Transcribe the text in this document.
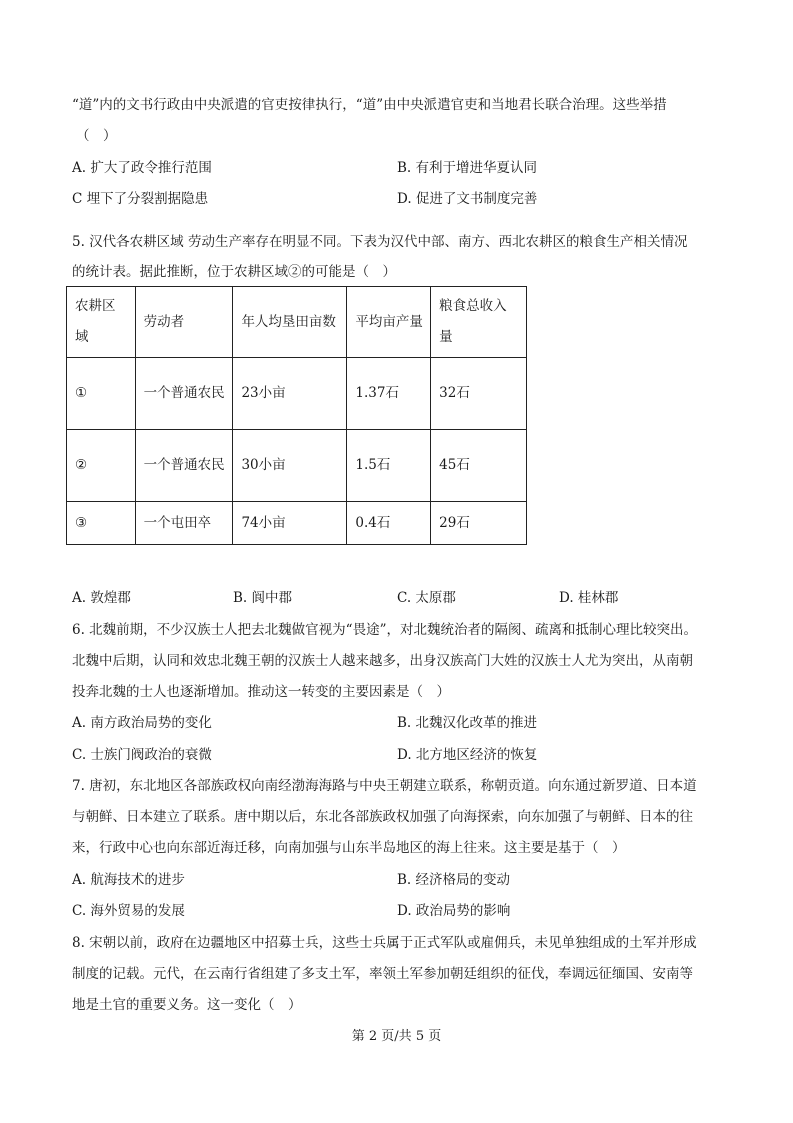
“道”内的文书行政由中央派遣的官吏按律执行，“道”由中央派遣官吏和当地君长联合治理。这些举措
（　）
A. 扩大了政令推行范围	B. 有利于增进华夏认同
C 埋下了分裂割据隐患	D. 促进了文书制度完善
5. 汉代各农耕区域 劳动生产率存在明显不同。下表为汉代中部、南方、西北农耕区的粮食生产相关情况
的统计表。据此推断，位于农耕区域②的可能是（　）
农耕区域	劳动者	年人均垦田亩数	平均亩产量	粮食总收入量
①	一个普通农民	23小亩	1.37石	32石
②	一个普通农民	30小亩	1.5石	45石
③	一个屯田卒	74小亩	0.4石	29石
A. 敦煌郡	B. 阆中郡	C. 太原郡	D. 桂林郡
6. 北魏前期，不少汉族士人把去北魏做官视为“畏途”，对北魏统治者的隔阂、疏离和抵制心理比较突出。
北魏中后期，认同和效忠北魏王朝的汉族士人越来越多，出身汉族高门大姓的汉族士人尤为突出，从南朝
投奔北魏的士人也逐渐增加。推动这一转变的主要因素是（　）
A. 南方政治局势的变化	B. 北魏汉化改革的推进
C. 士族门阀政治的衰微	D. 北方地区经济的恢复
7. 唐初，东北地区各部族政权向南经渤海海路与中央王朝建立联系，称朝贡道。向东通过新罗道、日本道
与朝鲜、日本建立了联系。唐中期以后，东北各部族政权加强了向海探索，向东加强了与朝鲜、日本的往
来，行政中心也向东部近海迁移，向南加强与山东半岛地区的海上往来。这主要是基于（　）
A. 航海技术的进步	B. 经济格局的变动
C. 海外贸易的发展	D. 政治局势的影响
8. 宋朝以前，政府在边疆地区中招募士兵，这些士兵属于正式军队或雇佣兵，未见单独组成的土军并形成
制度的记载。元代，在云南行省组建了多支土军，率领土军参加朝廷组织的征伐，奉调远征缅国、安南等
地是土官的重要义务。这一变化（　）
第 2 页/共 5 页
